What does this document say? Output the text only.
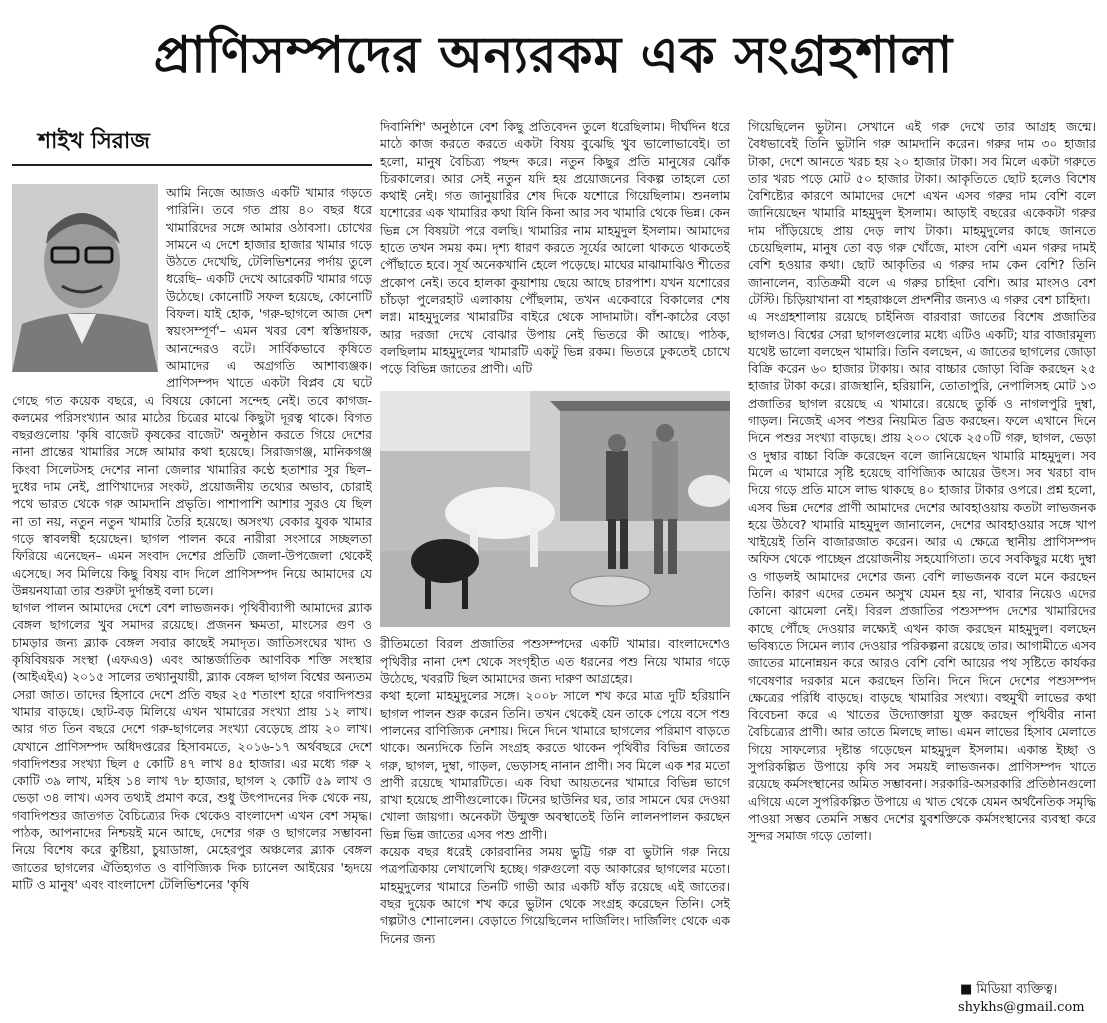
প্রাণিসম্পদের অন্যরকম এক সংগ্রহশালা
শাইখ সিরাজ
আমি নিজে আজও একটি খামার গড়তে পারিনি। তবে গত প্রায় ৪০ বছর ধরে খামারিদের সঙ্গে আমার ওঠাবসা। চোখের সামনে এ দেশে হাজার হাজার খামার গড়ে উঠতে দেখেছি, টেলিভিশনের পর্দায় তুলে ধরেছি– একটি দেখে আরেকটি খামার গড়ে উঠেছে। কোনোটি সফল হয়েছে, কোনোটি বিফল। যাই হোক, 'গরু-ছাগলে আজ দেশ স্বয়ংসম্পূর্ণ'– এমন খবর বেশ স্বস্তিদায়ক, আনন্দেরও বটে। সার্বিকভাবে কৃষিতে আমাদের এ অগ্রগতি আশাব্যঞ্জক। প্রাণিসম্পদ খাতে একটা বিপ্লব যে ঘটে গেছে গত কয়েক বছরে, এ বিষয়ে কোনো সন্দেহ নেই। তবে কাগজ-কলমের পরিসংখ্যান আর মাঠের চিত্রের মাঝে কিছুটা দূরত্ব থাকে। বিগত বছরগুলোয় 'কৃষি বাজেট কৃষকের বাজেট' অনুষ্ঠান করতে গিয়ে দেশের নানা প্রান্তের খামারির সঙ্গে আমার কথা হয়েছে। সিরাজগঞ্জ, মানিকগঞ্জ কিংবা সিলেটসহ দেশের নানা জেলার খামারির কণ্ঠে হতাশার সুর ছিল– দুধের দাম নেই, প্রাণিখাদ্যের সংকট, প্রয়োজনীয় তথ্যের অভাব, চোরাই পথে ভারত থেকে গরু আমদানি প্রভৃতি। পাশাপাশি আশার সুরও যে ছিল না তা নয়, নতুন নতুন খামারি তৈরি হয়েছে। অসংখ্য বেকার যুবক খামার গড়ে স্বাবলম্বী হয়েছেন। ছাগল পালন করে নারীরা সংসারে সচ্ছলতা ফিরিয়ে এনেছেন– এমন সংবাদ দেশের প্রতিটি জেলা-উপজেলা থেকেই এসেছে। সব মিলিয়ে কিছু বিষয় বাদ দিলে প্রাণিসম্পদ নিয়ে আমাদের যে উন্নয়নযাত্রা তার শুরুটা দুর্দান্তই বলা চলে।
ছাগল পালন আমাদের দেশে বেশ লাভজনক। পৃথিবীব্যাপী আমাদের ব্ল্যাক বেঙ্গল ছাগলের খুব সমাদর রয়েছে। প্রজনন ক্ষমতা, মাংসের গুণ ও চামড়ার জন্য ব্ল্যাক বেঙ্গল সবার কাছেই সমাদৃত। জাতিসংঘের খাদ্য ও কৃষিবিষয়ক সংস্থা (এফএও) এবং আন্তর্জাতিক আণবিক শক্তি সংস্থার (আইএইএ) ২০১৫ সালের তথ্যানুযায়ী, ব্ল্যাক বেঙ্গল ছাগল বিশ্বের অন্যতম সেরা জাত। তাদের হিসাবে দেশে প্রতি বছর ২৫ শতাংশ হারে গবাদিপশুর খামার বাড়ছে। ছোট-বড় মিলিয়ে এখন খামারের সংখ্যা প্রায় ১২ লাখ। আর গত তিন বছরে দেশে গরু-ছাগলের সংখ্যা বেড়েছে প্রায় ২০ লাখ। যেখানে প্রাণিসম্পদ অধিদপ্তরের হিসাবমতে, ২০১৬-১৭ অর্থবছরে দেশে গবাদিপশুর সংখ্যা ছিল ৫ কোটি ৪৭ লাখ ৪৫ হাজার। এর মধ্যে গরু ২ কোটি ৩৯ লাখ, মহিষ ১৪ লাখ ৭৮ হাজার, ছাগল ২ কোটি ৫৯ লাখ ও ভেড়া ৩৪ লাখ। এসব তথ্যই প্রমাণ করে, শুধু উৎপাদনের দিক থেকে নয়, গবাদিপশুর জাতগত বৈচিত্র্যের দিক থেকেও বাংলাদেশ এখন বেশ সমৃদ্ধ। পাঠক, আপনাদের নিশ্চয়ই মনে আছে, দেশের গরু ও ছাগলের সম্ভাবনা নিয়ে বিশেষ করে কুষ্টিয়া, চুয়াডাঙ্গা, মেহেরপুর অঞ্চলের ব্ল্যাক বেঙ্গল জাতের ছাগলের ঐতিহ্যগত ও বাণিজ্যিক দিক চ্যানেল আইয়ের 'হৃদয়ে মাটি ও মানুষ' এবং বাংলাদেশ টেলিভিশনের 'কৃষি
দিবানিশি' অনুষ্ঠানে বেশ কিছু প্রতিবেদন তুলে ধরেছিলাম। দীর্ঘদিন ধরে মাঠে কাজ করতে করতে একটা বিষয় বুঝেছি খুব ভালোভাবেই। তা হলো, মানুষ বৈচিত্র্য পছন্দ করে। নতুন কিছুর প্রতি মানুষের ঝোঁক চিরকালের। আর সেই নতুন যদি হয় প্রয়োজনের বিকল্প তাহলে তো কথাই নেই। গত জানুয়ারির শেষ দিকে যশোরে গিয়েছিলাম। শুনলাম যশোরের এক খামারির কথা যিনি কিনা আর সব খামারি থেকে ভিন্ন। কেন ভিন্ন সে বিষয়টা পরে বলছি। খামারির নাম মাহমুদুল ইসলাম। আমাদের হাতে তখন সময় কম। দৃশ্য ধারণ করতে সূর্যের আলো থাকতে থাকতেই পৌঁছাতে হবে। সূর্য অনেকখানি হেলে পড়েছে। মাঘের মাঝামাঝিও শীতের প্রকোপ নেই। তবে হালকা কুয়াশায় ছেয়ে আছে চারপাশ। যখন যশোরের চাঁচড়া পুলেরহাট এলাকায় পৌঁছলাম, তখন একেবারে বিকালের শেষ লগ্ন। মাহমুদুলের খামারটির বাইরে থেকে সাদামাটা। বাঁশ-কাঠের বেড়া আর দরজা দেখে বোঝার উপায় নেই ভিতরে কী আছে। পাঠক, বলছিলাম মাহমুদুলের খামারটি একটু ভিন্ন রকম। ভিতরে ঢুকতেই চোখে পড়ে বিভিন্ন জাতের প্রাণী। এটি
রীতিমতো বিরল প্রজাতির পশুসম্পদের একটি খামার। বাংলাদেশেও পৃথিবীর নানা দেশ থেকে সংগৃহীত এত ধরনের পশু নিয়ে খামার গড়ে উঠেছে, খবরটি ছিল আমাদের জন্য দারুণ আগ্রহের।
কথা হলো মাহমুদুলের সঙ্গে। ২০০৮ সালে শখ করে মাত্র দুটি হরিয়ানি ছাগল পালন শুরু করেন তিনি। তখন থেকেই যেন তাকে পেয়ে বসে পশু পালনের বাণিজ্যিক নেশায়। দিনে দিনে খামারে ছাগলের পরিমাণ বাড়তে থাকে। অন্যদিকে তিনি সংগ্রহ করতে থাকেন পৃথিবীর বিভিন্ন জাতের গরু, ছাগল, দুম্বা, গাড়ল, ভেড়াসহ নানান প্রাণী। সব মিলে এক শর মতো প্রাণী রয়েছে খামারটিতে। এক বিঘা আয়তনের খামারে বিভিন্ন ভাগে রাখা হয়েছে প্রাণীগুলোকে। টিনের ছাউনির ঘর, তার সামনে ঘের দেওয়া খোলা জায়গা। অনেকটা উন্মুক্ত অবস্থাতেই তিনি লালনপালন করছেন ভিন্ন ভিন্ন জাতের এসব পশু প্রাণী।
কয়েক বছর ধরেই কোরবানির সময় ভুট্টি গরু বা ভুটানি গরু নিয়ে পত্রপত্রিকায় লেখালেখি হচ্ছে। গরুগুলো বড় আকারের ছাগলের মতো। মাহমুদুলের খামারে তিনটি গাভী আর একটি ষাঁড় রয়েছে এই জাতের। বছর দুয়েক আগে শখ করে ভুটান থেকে সংগ্রহ করেছেন তিনি। সেই গল্পটাও শোনালেন। বেড়াতে গিয়েছিলেন দার্জিলিং। দার্জিলিং থেকে এক দিনের জন্য
গিয়েছিলেন ভুটান। সেখানে এই গরু দেখে তার আগ্রহ জন্মে। বৈধভাবেই তিনি ভুটানি গরু আমদানি করেন। গরুর দাম ৩০ হাজার টাকা, দেশে আনতে খরচ হয় ২০ হাজার টাকা। সব মিলে একটা গরুতে তার খরচ পড়ে মোট ৫০ হাজার টাকা। আকৃতিতে ছোট হলেও বিশেষ বৈশিষ্ট্যের কারণে আমাদের দেশে এখন এসব গরুর দাম বেশি বলে জানিয়েছেন খামারি মাহমুদুল ইসলাম। আড়াই বছরের একেকটা গরুর দাম দাঁড়িয়েছে প্রায় দেড় লাখ টাকা। মাহমুদুলের কাছে জানতে চেয়েছিলাম, মানুষ তো বড় গরু খোঁজে, মাংস বেশি এমন গরুর দামই বেশি হওয়ার কথা। ছোট আকৃতির এ গরুর দাম কেন বেশি? তিনি জানালেন, ব্যতিক্রমী বলে এ গরুর চাহিদা বেশি। আর মাংসও বেশ টেস্টি। চিড়িয়াখানা বা শহরাঞ্চলে প্রদর্শনীর জন্যও এ গরুর বেশ চাহিদা।
এ সংগ্রহশালায় রয়েছে চাইনিজ বারবারা জাতের বিশেষ প্রজাতির ছাগলও। বিশ্বের সেরা ছাগলগুলোর মধ্যে এটিও একটি; যার বাজারমূল্য যথেষ্ট ভালো বলছেন খামারি। তিনি বলছেন, এ জাতের ছাগলের জোড়া বিক্রি করেন ৬০ হাজার টাকায়। আর বাচ্চার জোড়া বিক্রি করছেন ২৫ হাজার টাকা করে। রাজস্থানি, হরিয়ানি, তোতাপুরি, নেপালিসহ মোট ১৩ প্রজাতির ছাগল রয়েছে এ খামারে। রয়েছে তুর্কি ও নাগলপুরি দুম্বা, গাড়ল। নিজেই এসব পশুর নিয়মিত ব্রিড করছেন। ফলে এখানে দিনে দিনে পশুর সংখ্যা বাড়ছে। প্রায় ২০০ থেকে ২৫০টি গরু, ছাগল, ভেড়া ও দুম্বার বাচ্চা বিক্রি করেছেন বলে জানিয়েছেন খামারি মাহমুদুল। সব মিলে এ খামারে সৃষ্টি হয়েছে বাণিজ্যিক আয়ের উৎস। সব খরচা বাদ দিয়ে গড়ে প্রতি মাসে লাভ থাকছে ৪০ হাজার টাকার ওপরে। প্রশ্ন হলো, এসব ভিন্ন দেশের প্রাণী আমাদের দেশের আবহাওয়ায় কতটা লাভজনক হয়ে উঠবে? খামারি মাহমুদুল জানালেন, দেশের আবহাওয়ার সঙ্গে খাপ খাইয়েই তিনি বাজারজাত করেন। আর এ ক্ষেত্রে স্থানীয় প্রাণিসম্পদ অফিস থেকে পাচ্ছেন প্রয়োজনীয় সহযোগিতা। তবে সবকিছুর মধ্যে দুম্বা ও গাড়লই আমাদের দেশের জন্য বেশি লাভজনক বলে মনে করছেন তিনি। কারণ এদের তেমন অসুখ যেমন হয় না, খাবার নিয়েও এদের কোনো ঝামেলা নেই। বিরল প্রজাতির পশুসম্পদ দেশের খামারিদের কাছে পৌঁছে দেওয়ার লক্ষ্যেই এখন কাজ করছেন মাহমুদুল। বলছেন ভবিষ্যতে সিমেন ল্যাব দেওয়ার পরিকল্পনা রয়েছে তার। আগামীতে এসব জাতের মানোন্নয়ন করে আরও বেশি বেশি আয়ের পথ সৃষ্টিতে কার্যকর গবেষণার দরকার মনে করছেন তিনি। দিনে দিনে দেশের পশুসম্পদ ক্ষেত্রের পরিধি বাড়ছে। বাড়ছে খামারির সংখ্যা। বহুমুখী লাভের কথা বিবেচনা করে এ খাতের উদ্যোক্তারা যুক্ত করছেন পৃথিবীর নানা বৈচিত্র্যের প্রাণী। আর তাতে মিলছে লাভ। এমন লাভের হিসাব মেলাতে গিয়ে সাফল্যের দৃষ্টান্ত গড়েছেন মাহমুদুল ইসলাম। একান্ত ইচ্ছা ও সুপরিকল্পিত উপায়ে কৃষি সব সময়ই লাভজনক। প্রাণিসম্পদ খাতে রয়েছে কর্মসংস্থানের অমিত সম্ভাবনা। সরকারি-অসরকারি প্রতিষ্ঠানগুলো এগিয়ে এলে সুপরিকল্পিত উপায়ে এ খাত থেকে যেমন অর্থনৈতিক সমৃদ্ধি পাওয়া সম্ভব তেমনি সম্ভব দেশের যুবশক্তিকে কর্মসংস্থানের ব্যবস্থা করে সুন্দর সমাজ গড়ে তোলা।
■ মিডিয়া ব্যক্তিত্ব।
shykhs@gmail.com
